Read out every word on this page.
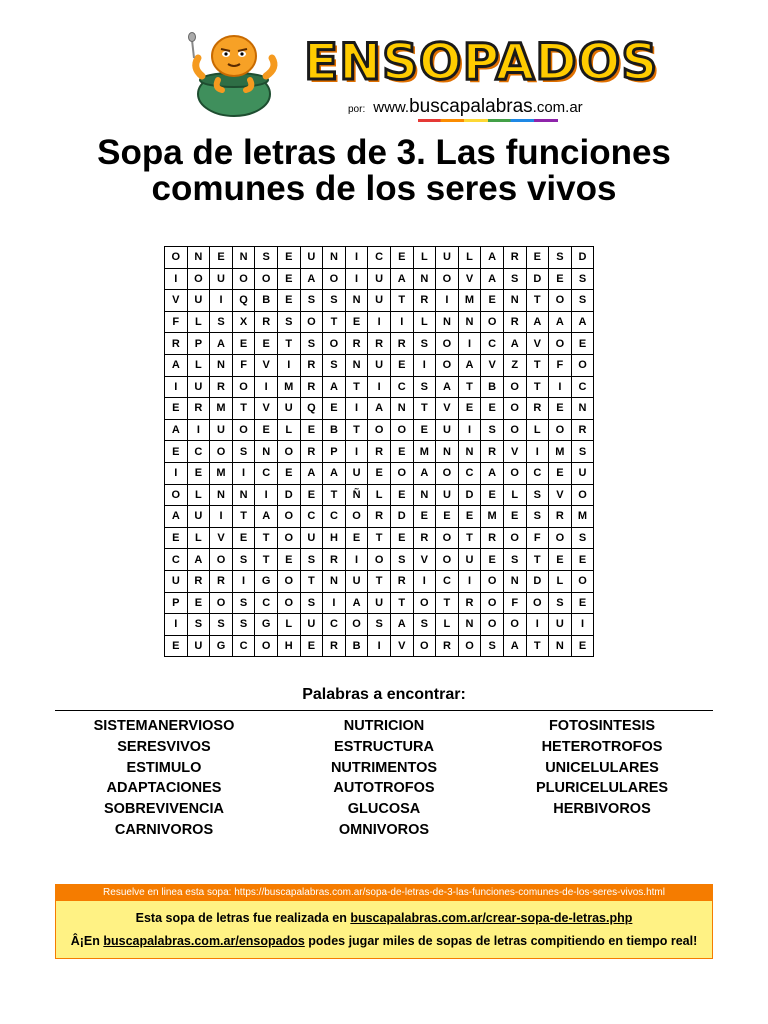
ENSOPADOS
por: www.buscapalabras.com.ar
Sopa de letras de 3. Las funciones
comunes de los seres vivos
O	N	E	N	S	E	U	N	I	C	E	L	U	L	A	R	E	S	D
I	O	U	O	O	E	A	O	I	U	A	N	O	V	A	S	D	E	S
V	U	I	Q	B	E	S	S	N	U	T	R	I	M	E	N	T	O	S
F	L	S	X	R	S	O	T	E	I	I	L	N	N	O	R	A	A	A
R	P	A	E	E	T	S	O	R	R	R	S	O	I	C	A	V	O	E
A	L	N	F	V	I	R	S	N	U	E	I	O	A	V	Z	T	F	O
I	U	R	O	I	M	R	A	T	I	C	S	A	T	B	O	T	I	C
E	R	M	T	V	U	Q	E	I	A	N	T	V	E	E	O	R	E	N
A	I	U	O	E	L	E	B	T	O	O	E	U	I	S	O	L	O	R
E	C	O	S	N	O	R	P	I	R	E	M	N	N	R	V	I	M	S
I	E	M	I	C	E	A	A	U	E	O	A	O	C	A	O	C	E	U
O	L	N	N	I	D	E	T	Ñ	L	E	N	U	D	E	L	S	V	O
A	U	I	T	A	O	C	C	O	R	D	E	E	E	M	E	S	R	M
E	L	V	E	T	O	U	H	E	T	E	R	O	T	R	O	F	O	S
C	A	O	S	T	E	S	R	I	O	S	V	O	U	E	S	T	E	E
U	R	R	I	G	O	T	N	U	T	R	I	C	I	O	N	D	L	O
P	E	O	S	C	O	S	I	A	U	T	O	T	R	O	F	O	S	E
I	S	S	S	G	L	U	C	O	S	A	S	L	N	O	O	I	U	I
E	U	G	C	O	H	E	R	B	I	V	O	R	O	S	A	T	N	E
Palabras a encontrar:
SISTEMANERVIOSO
SERESVIVOS
ESTIMULO
ADAPTACIONES
SOBREVIVENCIA
CARNIVOROS
NUTRICION
ESTRUCTURA
NUTRIMENTOS
AUTOTROFOS
GLUCOSA
OMNIVOROS
FOTOSINTESIS
HETEROTROFOS
UNICELULARES
PLURICELULARES
HERBIVOROS
Resuelve en linea esta sopa: https://buscapalabras.com.ar/sopa-de-letras-de-3-las-funciones-comunes-de-los-seres-vivos.html
Esta sopa de letras fue realizada en buscapalabras.com.ar/crear-sopa-de-letras.php
Â¡En buscapalabras.com.ar/ensopados podes jugar miles de sopas de letras compitiendo en tiempo real!
